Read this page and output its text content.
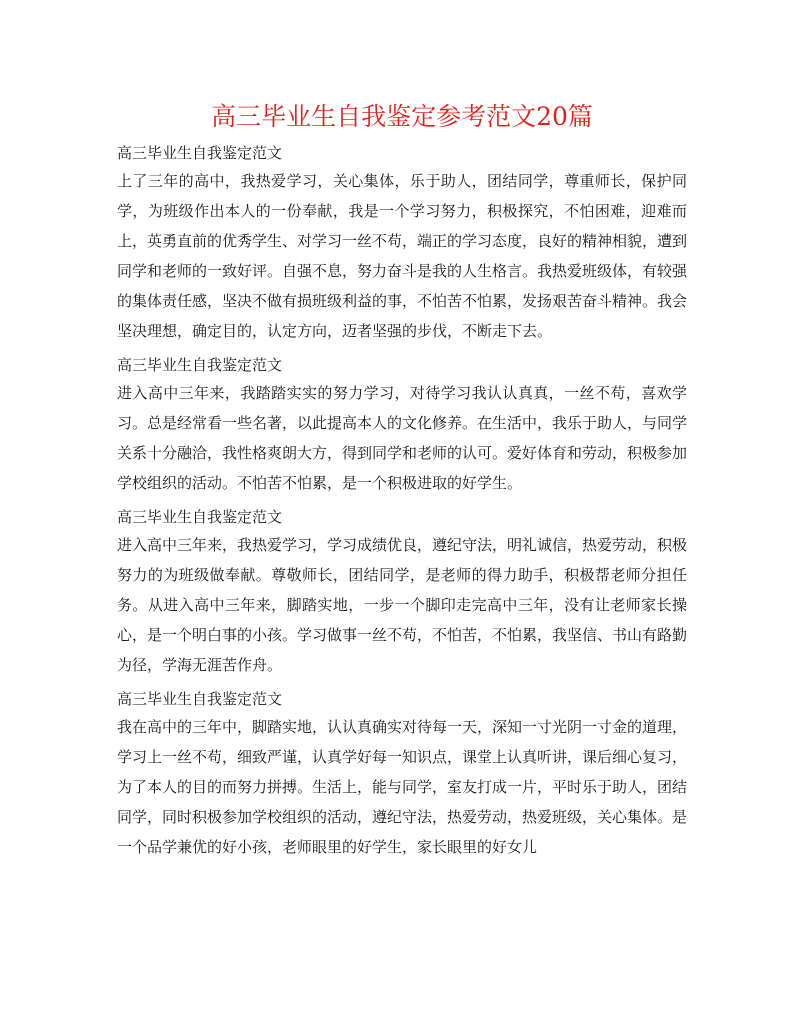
高三毕业生自我鉴定参考范文20篇

高三毕业生自我鉴定范文

上了三年的高中，我热爱学习，关心集体，乐于助人，团结同学，尊重师长，保护同学，为班级作出本人的一份奉献，我是一个学习努力，积极探究，不怕困难，迎难而上，英勇直前的优秀学生、对学习一丝不苟，端正的学习态度，良好的精神相貌，遭到同学和老师的一致好评。自强不息，努力奋斗是我的人生格言。我热爱班级体，有较强的集体责任感，坚决不做有损班级利益的事，不怕苦不怕累，发扬艰苦奋斗精神。我会坚决理想，确定目的，认定方向，迈者坚强的步伐，不断走下去。

高三毕业生自我鉴定范文

进入高中三年来，我踏踏实实的努力学习，对待学习我认认真真，一丝不苟，喜欢学习。总是经常看一些名著，以此提高本人的文化修养。在生活中，我乐于助人，与同学关系十分融洽，我性格爽朗大方，得到同学和老师的认可。爱好体育和劳动，积极参加学校组织的活动。不怕苦不怕累，是一个积极进取的好学生。

高三毕业生自我鉴定范文

进入高中三年来，我热爱学习，学习成绩优良，遵纪守法，明礼诚信，热爱劳动，积极努力的为班级做奉献。尊敬师长，团结同学，是老师的得力助手，积极帮老师分担任务。从进入高中三年来，脚踏实地，一步一个脚印走完高中三年，没有让老师家长操心，是一个明白事的小孩。学习做事一丝不苟，不怕苦，不怕累，我坚信、书山有路勤为径，学海无涯苦作舟。

高三毕业生自我鉴定范文

我在高中的三年中，脚踏实地，认认真确实对待每一天，深知一寸光阴一寸金的道理，学习上一丝不苟，细致严谨，认真学好每一知识点，课堂上认真听讲，课后细心复习，为了本人的目的而努力拼搏。生活上，能与同学，室友打成一片，平时乐于助人，团结同学，同时积极参加学校组织的活动，遵纪守法，热爱劳动，热爱班级，关心集体。是一个品学兼优的好小孩，老师眼里的好学生，家长眼里的好女儿
